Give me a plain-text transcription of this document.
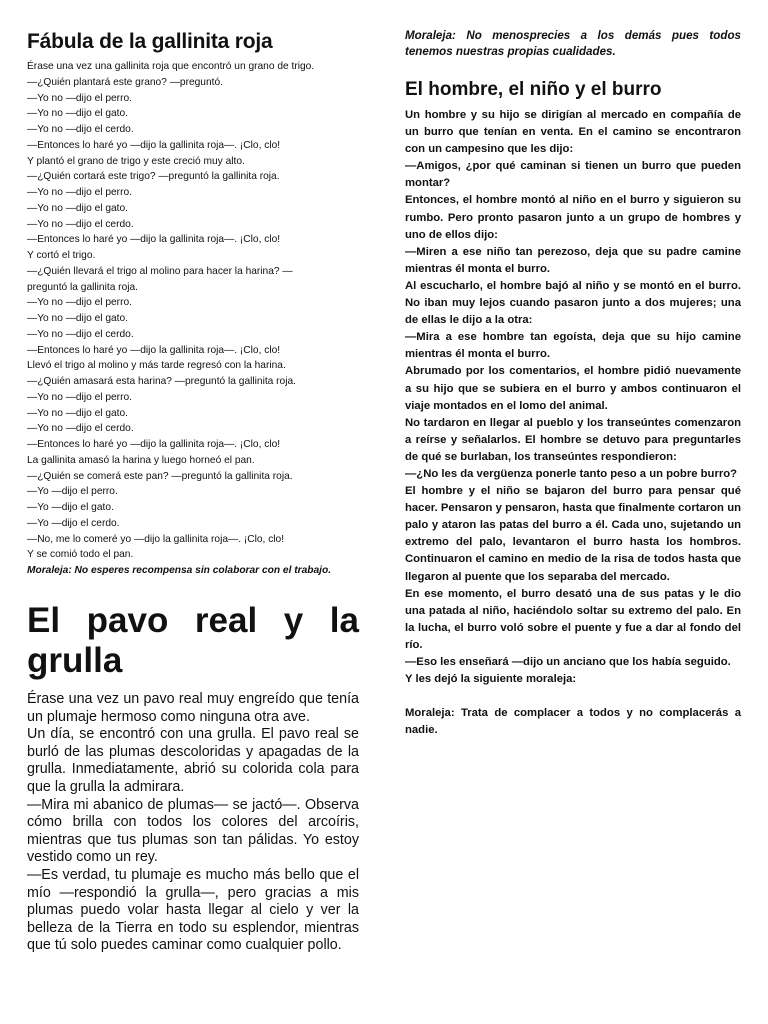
Fábula de la gallinita roja

Érase una vez una gallinita roja que encontró un grano de trigo.

—¿Quién plantará este grano? —preguntó.

—Yo no —dijo el perro.

—Yo no —dijo el gato.

—Yo no —dijo el cerdo.

—Entonces lo haré yo —dijo la gallinita roja—. ¡Clo, clo!

Y plantó el grano de trigo y este creció muy alto.

—¿Quién cortará este trigo? —preguntó la gallinita roja.

—Yo no —dijo el perro.

—Yo no —dijo el gato.

—Yo no —dijo el cerdo.

—Entonces lo haré yo —dijo la gallinita roja—. ¡Clo, clo!

Y cortó el trigo.

—¿Quién llevará el trigo al molino para hacer la harina? —

preguntó la gallinita roja.

—Yo no —dijo el perro.

—Yo no —dijo el gato.

—Yo no —dijo el cerdo.

—Entonces lo haré yo —dijo la gallinita roja—. ¡Clo, clo!

Llevó el trigo al molino y más tarde regresó con la harina.

—¿Quién amasará esta harina? —preguntó la gallinita roja.

—Yo no —dijo el perro.

—Yo no —dijo el gato.

—Yo no —dijo el cerdo.

—Entonces lo haré yo —dijo la gallinita roja—. ¡Clo, clo!

La gallinita amasó la harina y luego horneó el pan.

—¿Quién se comerá este pan? —preguntó la gallinita roja.

—Yo —dijo el perro.

—Yo —dijo el gato.

—Yo —dijo el cerdo.

—No, me lo comeré yo —dijo la gallinita roja—. ¡Clo, clo!

Y se comió todo el pan.

Moraleja: No esperes recompensa sin colaborar con el trabajo.

El pavo real y la grulla

Érase una vez un pavo real muy engreído que tenía un plumaje hermoso como ninguna otra ave.

Un día, se encontró con una grulla. El pavo real se burló de las plumas descoloridas y apagadas de la grulla. Inmediatamente, abrió su colorida cola para que la grulla la admirara.

—Mira mi abanico de plumas— se jactó—. Observa cómo brilla con todos los colores del arcoíris, mientras que tus plumas son tan pálidas. Yo estoy vestido como un rey.

—Es verdad, tu plumaje es mucho más bello que el mío —respondió la grulla—, pero gracias a mis plumas puedo volar hasta llegar al cielo y ver la belleza de la Tierra en todo su esplendor, mientras que tú solo puedes caminar como cualquier pollo.

Moraleja: No menosprecies a los demás pues todos tenemos nuestras propias cualidades.

El hombre, el niño y el burro

Un hombre y su hijo se dirigían al mercado en compañía de un burro que tenían en venta. En el camino se encontraron con un campesino que les dijo:

—Amigos, ¿por qué caminan si tienen un burro que pueden montar?

Entonces, el hombre montó al niño en el burro y siguieron su rumbo. Pero pronto pasaron junto a un grupo de hombres y uno de ellos dijo:

—Miren a ese niño tan perezoso, deja que su padre camine mientras él monta el burro.

Al escucharlo, el hombre bajó al niño y se montó en el burro. No iban muy lejos cuando pasaron junto a dos mujeres; una de ellas le dijo a la otra:

—Mira a ese hombre tan egoísta, deja que su hijo camine mientras él monta el burro.

Abrumado por los comentarios, el hombre pidió nuevamente a su hijo que se subiera en el burro y ambos continuaron el viaje montados en el lomo del animal.

No tardaron en llegar al pueblo y los transeúntes comenzaron a reírse y señalarlos. El hombre se detuvo para preguntarles de qué se burlaban, los transeúntes respondieron:

—¿No les da vergüenza ponerle tanto peso a un pobre burro?

El hombre y el niño se bajaron del burro para pensar qué hacer. Pensaron y pensaron, hasta que finalmente cortaron un palo y ataron las patas del burro a él. Cada uno, sujetando un extremo del palo, levantaron el burro hasta los hombros. Continuaron el camino en medio de la risa de todos hasta que llegaron al puente que los separaba del mercado.

En ese momento, el burro desató una de sus patas y le dio una patada al niño, haciéndolo soltar su extremo del palo. En la lucha, el burro voló sobre el puente y fue a dar al fondo del río.

—Eso les enseñará —dijo un anciano que los había seguido.

Y les dejó la siguiente moraleja:

Moraleja: Trata de complacer a todos y no complacerás a nadie.
